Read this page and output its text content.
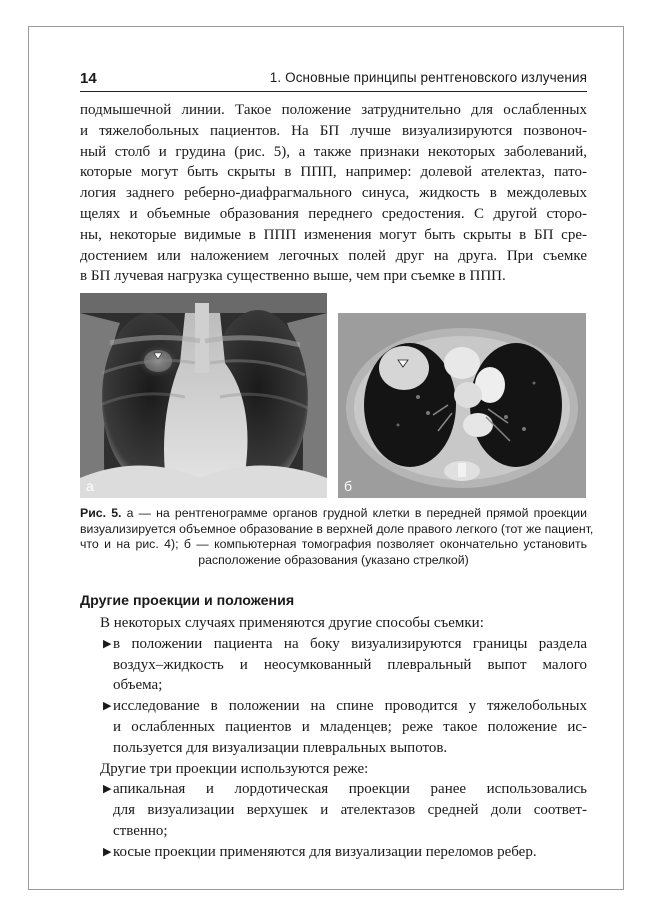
14	1. Основные принципы рентгеновского излучения

подмышечной линии. Такое положение затруднительно для ослабленных
и тяжелобольных пациентов. На БП лучше визуализируются позвоноч-
ный столб и грудина (рис. 5), а также признаки некоторых заболеваний,
которые могут быть скрыты в ППП, например: долевой ателектаз, пато-
логия заднего реберно-диафрагмального синуса, жидкость в междолевых
щелях и объемные образования переднего средостения. С другой сторо-
ны, некоторые видимые в ППП изменения могут быть скрыты в БП сре-
достением или наложением легочных полей друг на друга. При съемке
в БП лучевая нагрузка существенно выше, чем при съемке в ППП.

а	б

Рис. 5. а — на рентгенограмме органов грудной клетки в передней прямой проекции
визуализируется объемное образование в верхней доле правого легкого (тот же пациент,
что и на рис. 4); б — компьютерная томография позволяет окончательно установить
расположение образования (указано стрелкой)

Другие проекции и положения
В некоторых случаях применяются другие способы съемки:
▶ в положении пациента на боку визуализируются границы раздела
воздух–жидкость и неосумкованный плевральный выпот малого
объема;
▶ исследование в положении на спине проводится у тяжелобольных
и ослабленных пациентов и младенцев; реже такое положение ис-
пользуется для визуализации плевральных выпотов.
Другие три проекции используются реже:
▶ апикальная и лордотическая проекции ранее использовались
для визуализации верхушек и ателектазов средней доли соответ-
ственно;
▶ косые проекции применяются для визуализации переломов ребер.
